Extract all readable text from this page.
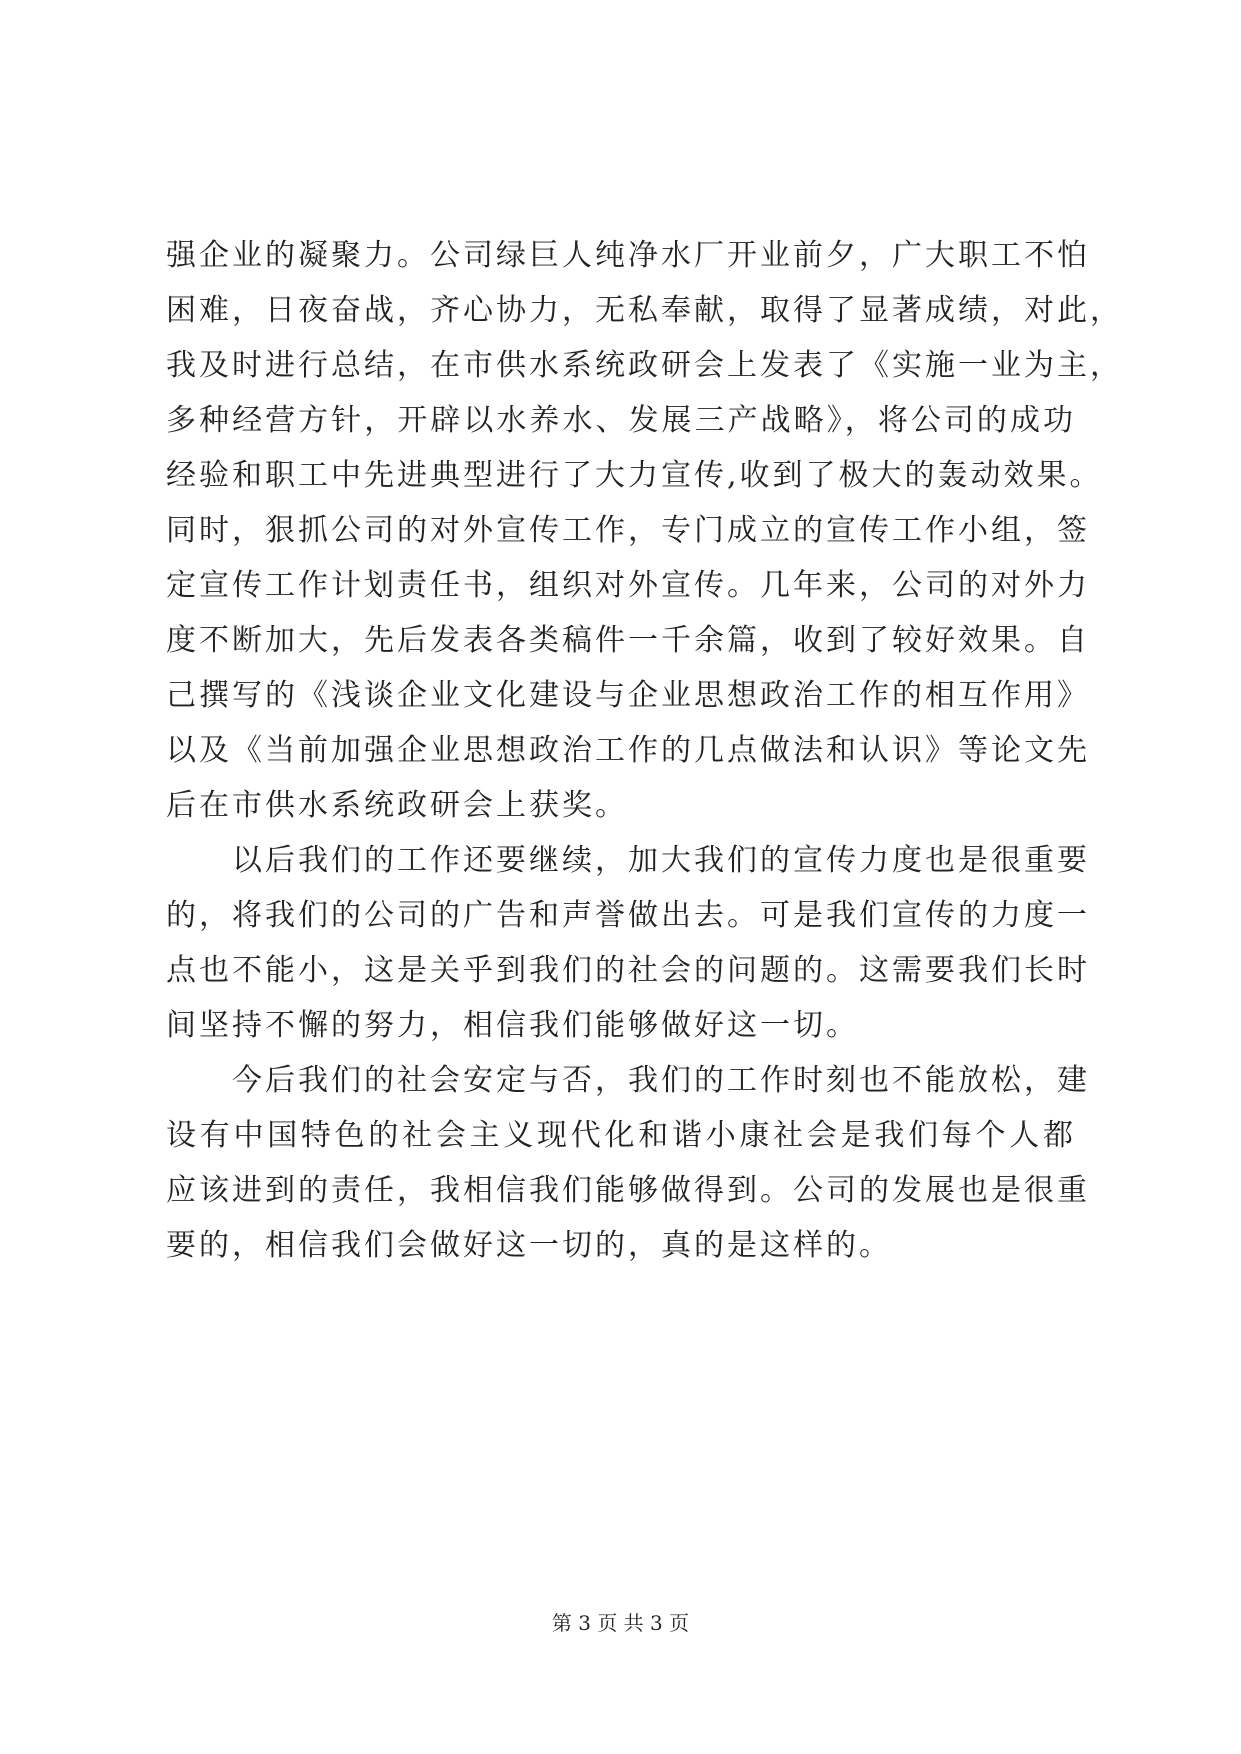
强企业的凝聚力。公司绿巨人纯净水厂开业前夕，广大职工不怕
困难，日夜奋战，齐心协力，无私奉献，取得了显著成绩，对此，
我及时进行总结，在市供水系统政研会上发表了《实施一业为主，
多种经营方针，开辟以水养水、发展三产战略》，将公司的成功
经验和职工中先进典型进行了大力宣传,收到了极大的轰动效果。
同时，狠抓公司的对外宣传工作，专门成立的宣传工作小组，签
定宣传工作计划责任书，组织对外宣传。几年来，公司的对外力
度不断加大，先后发表各类稿件一千余篇，收到了较好效果。自
己撰写的《浅谈企业文化建设与企业思想政治工作的相互作用》
以及《当前加强企业思想政治工作的几点做法和认识》等论文先
后在市供水系统政研会上获奖。

以后我们的工作还要继续，加大我们的宣传力度也是很重要
的，将我们的公司的广告和声誉做出去。可是我们宣传的力度一
点也不能小，这是关乎到我们的社会的问题的。这需要我们长时
间坚持不懈的努力，相信我们能够做好这一切。

今后我们的社会安定与否，我们的工作时刻也不能放松，建
设有中国特色的社会主义现代化和谐小康社会是我们每个人都
应该进到的责任，我相信我们能够做得到。公司的发展也是很重
要的，相信我们会做好这一切的，真的是这样的。

第 3 页 共 3 页
